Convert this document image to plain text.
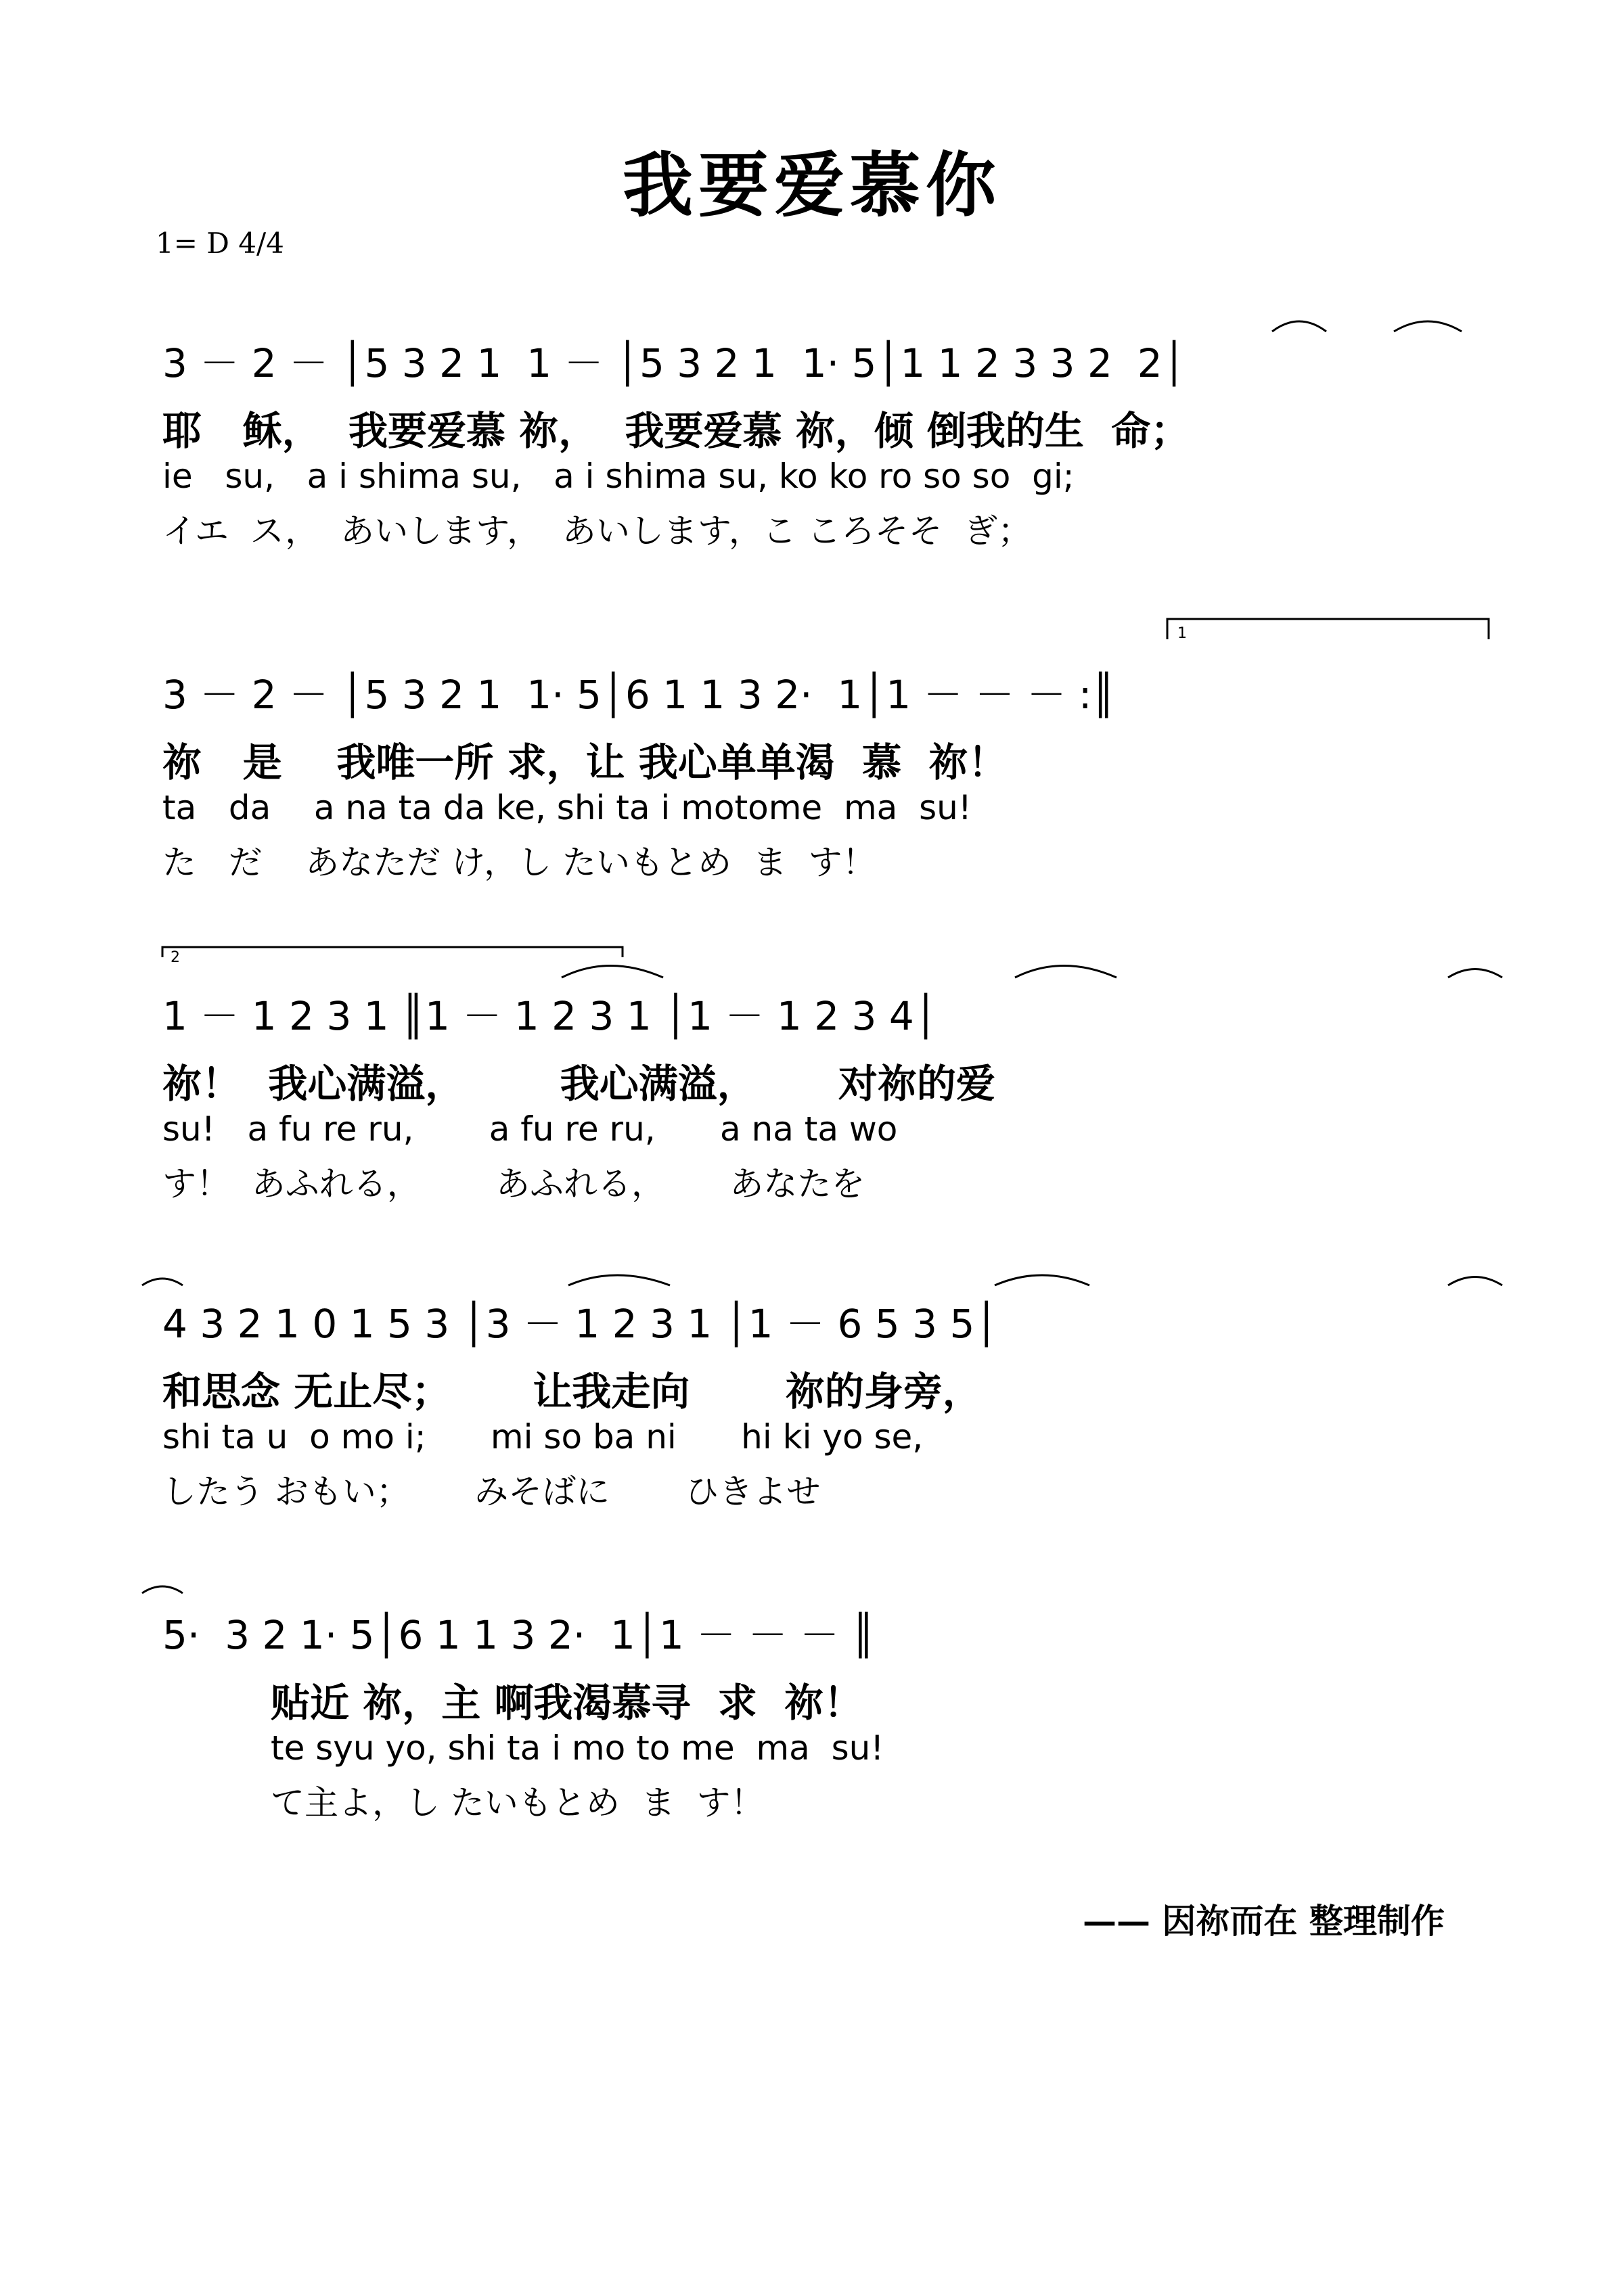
我要爱慕你
1= D 4/4
3 － 2 － │5 3 2 1  1 － │5 3 2 1  1· 5│1 1 2 3 3 2  2│
耶   稣，  我要爱慕 祢，  我要爱慕 祢，倾 倒我的生  命；
ie   su,   a i shima su,   a i shima su, ko ko ro so so  gi;
イエ  ス，  あいします，  あいします，こ ころそそ  ぎ；
3 － 2 － │5 3 2 1  1· 5│6 1 1 3 2·  1│1 － － － :║
祢   是    我唯一所 求，让 我心单单渴  慕  祢！
ta   da    a na ta da ke, shi ta i motome  ma  su!
た   だ    あなただ け，し たいもとめ  ま  す！
1
1 － 1 2 3 1 ║1 － 1 2 3 1 │1 － 1 2 3 4│
祢！  我心满溢，       我心满溢，      对祢的爱
su!   a fu re ru,       a fu re ru,      a na ta wo
す！  あふれる，       あふれる，      あなたを
2
4 3 2 1 0 1 5 3 │3 － 1 2 3 1 │1 － 6 5 3 5│
和思念 无止尽；      让我走向       祢的身旁，
shi ta u  o mo i;      mi so ba ni      hi ki yo se,
したう おもい；      みそばに       ひきよせ
5·  3 2 1· 5│6 1 1 3 2·  1│1 － － － ║
贴近 祢，主 啊我渴慕寻  求  祢！
te syu yo, shi ta i mo to me  ma  su!
て主よ，し たいもとめ  ま  す！
—— 因祢而在 整理制作
